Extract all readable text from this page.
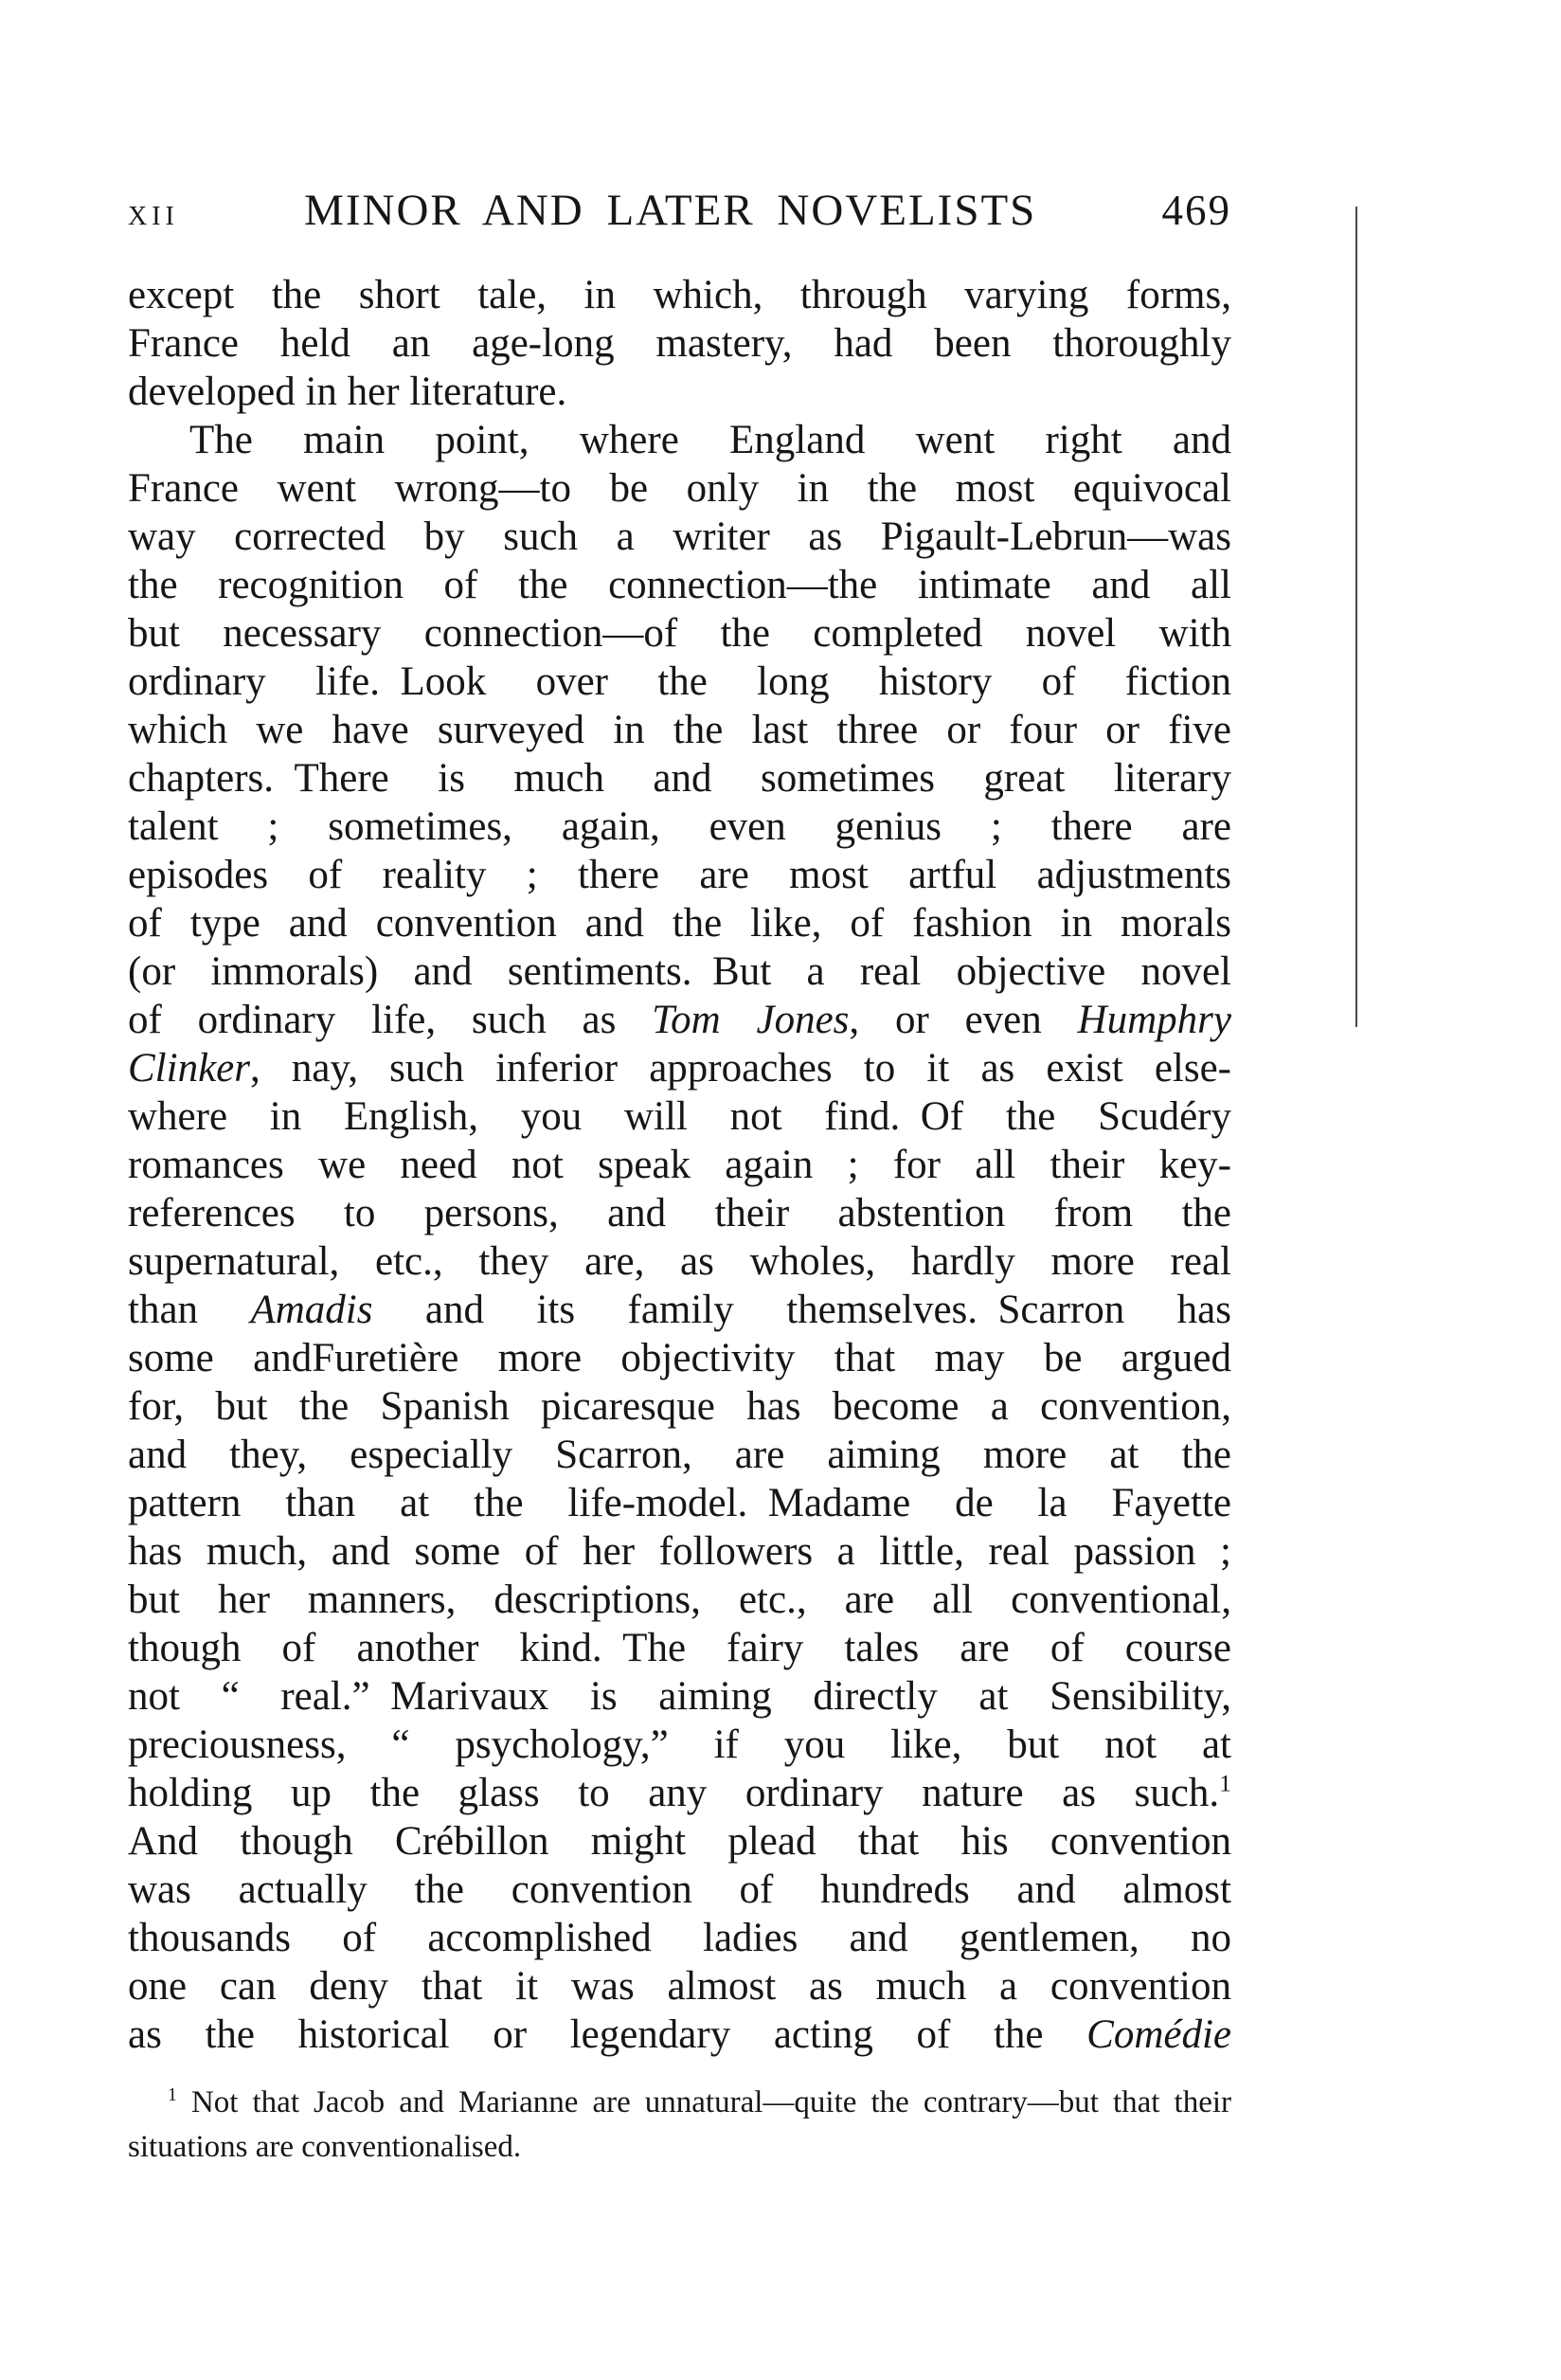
XII	MINOR AND LATER NOVELISTS	469
except the short tale, in which, through varying forms,
France held an age-long mastery, had been thoroughly
developed in her literature.
The main point, where England went right and
France went wrong—to be only in the most equivocal
way corrected by such a writer as Pigault-Lebrun—was
the recognition of the connection—the intimate and all
but necessary connection—of the completed novel with
ordinary life. Look over the long history of fiction
which we have surveyed in the last three or four or five
chapters. There is much and sometimes great literary
talent ; sometimes, again, even genius ; there are
episodes of reality ; there are most artful adjustments
of type and convention and the like, of fashion in morals
(or immorals) and sentiments. But a real objective novel
of ordinary life, such as Tom Jones, or even Humphry
Clinker, nay, such inferior approaches to it as exist else-
where in English, you will not find. Of the Scudéry
romances we need not speak again ; for all their key-
references to persons, and their abstention from the
supernatural, etc., they are, as wholes, hardly more real
than Amadis and its family themselves. Scarron has
some andFuretière more objectivity that may be argued
for, but the Spanish picaresque has become a convention,
and they, especially Scarron, are aiming more at the
pattern than at the life-model. Madame de la Fayette
has much, and some of her followers a little, real passion ;
but her manners, descriptions, etc., are all conventional,
though of another kind. The fairy tales are of course
not “ real.” Marivaux is aiming directly at Sensibility,
preciousness, “ psychology,” if you like, but not at
holding up the glass to any ordinary nature as such.$^1$
And though Crébillon might plead that his convention
was actually the convention of hundreds and almost
thousands of accomplished ladies and gentlemen, no
one can deny that it was almost as much a convention
as the historical or legendary acting of the Comédie
$^1$ Not that Jacob and Marianne are unnatural—quite the contrary—but that their
situations are conventionalised.
